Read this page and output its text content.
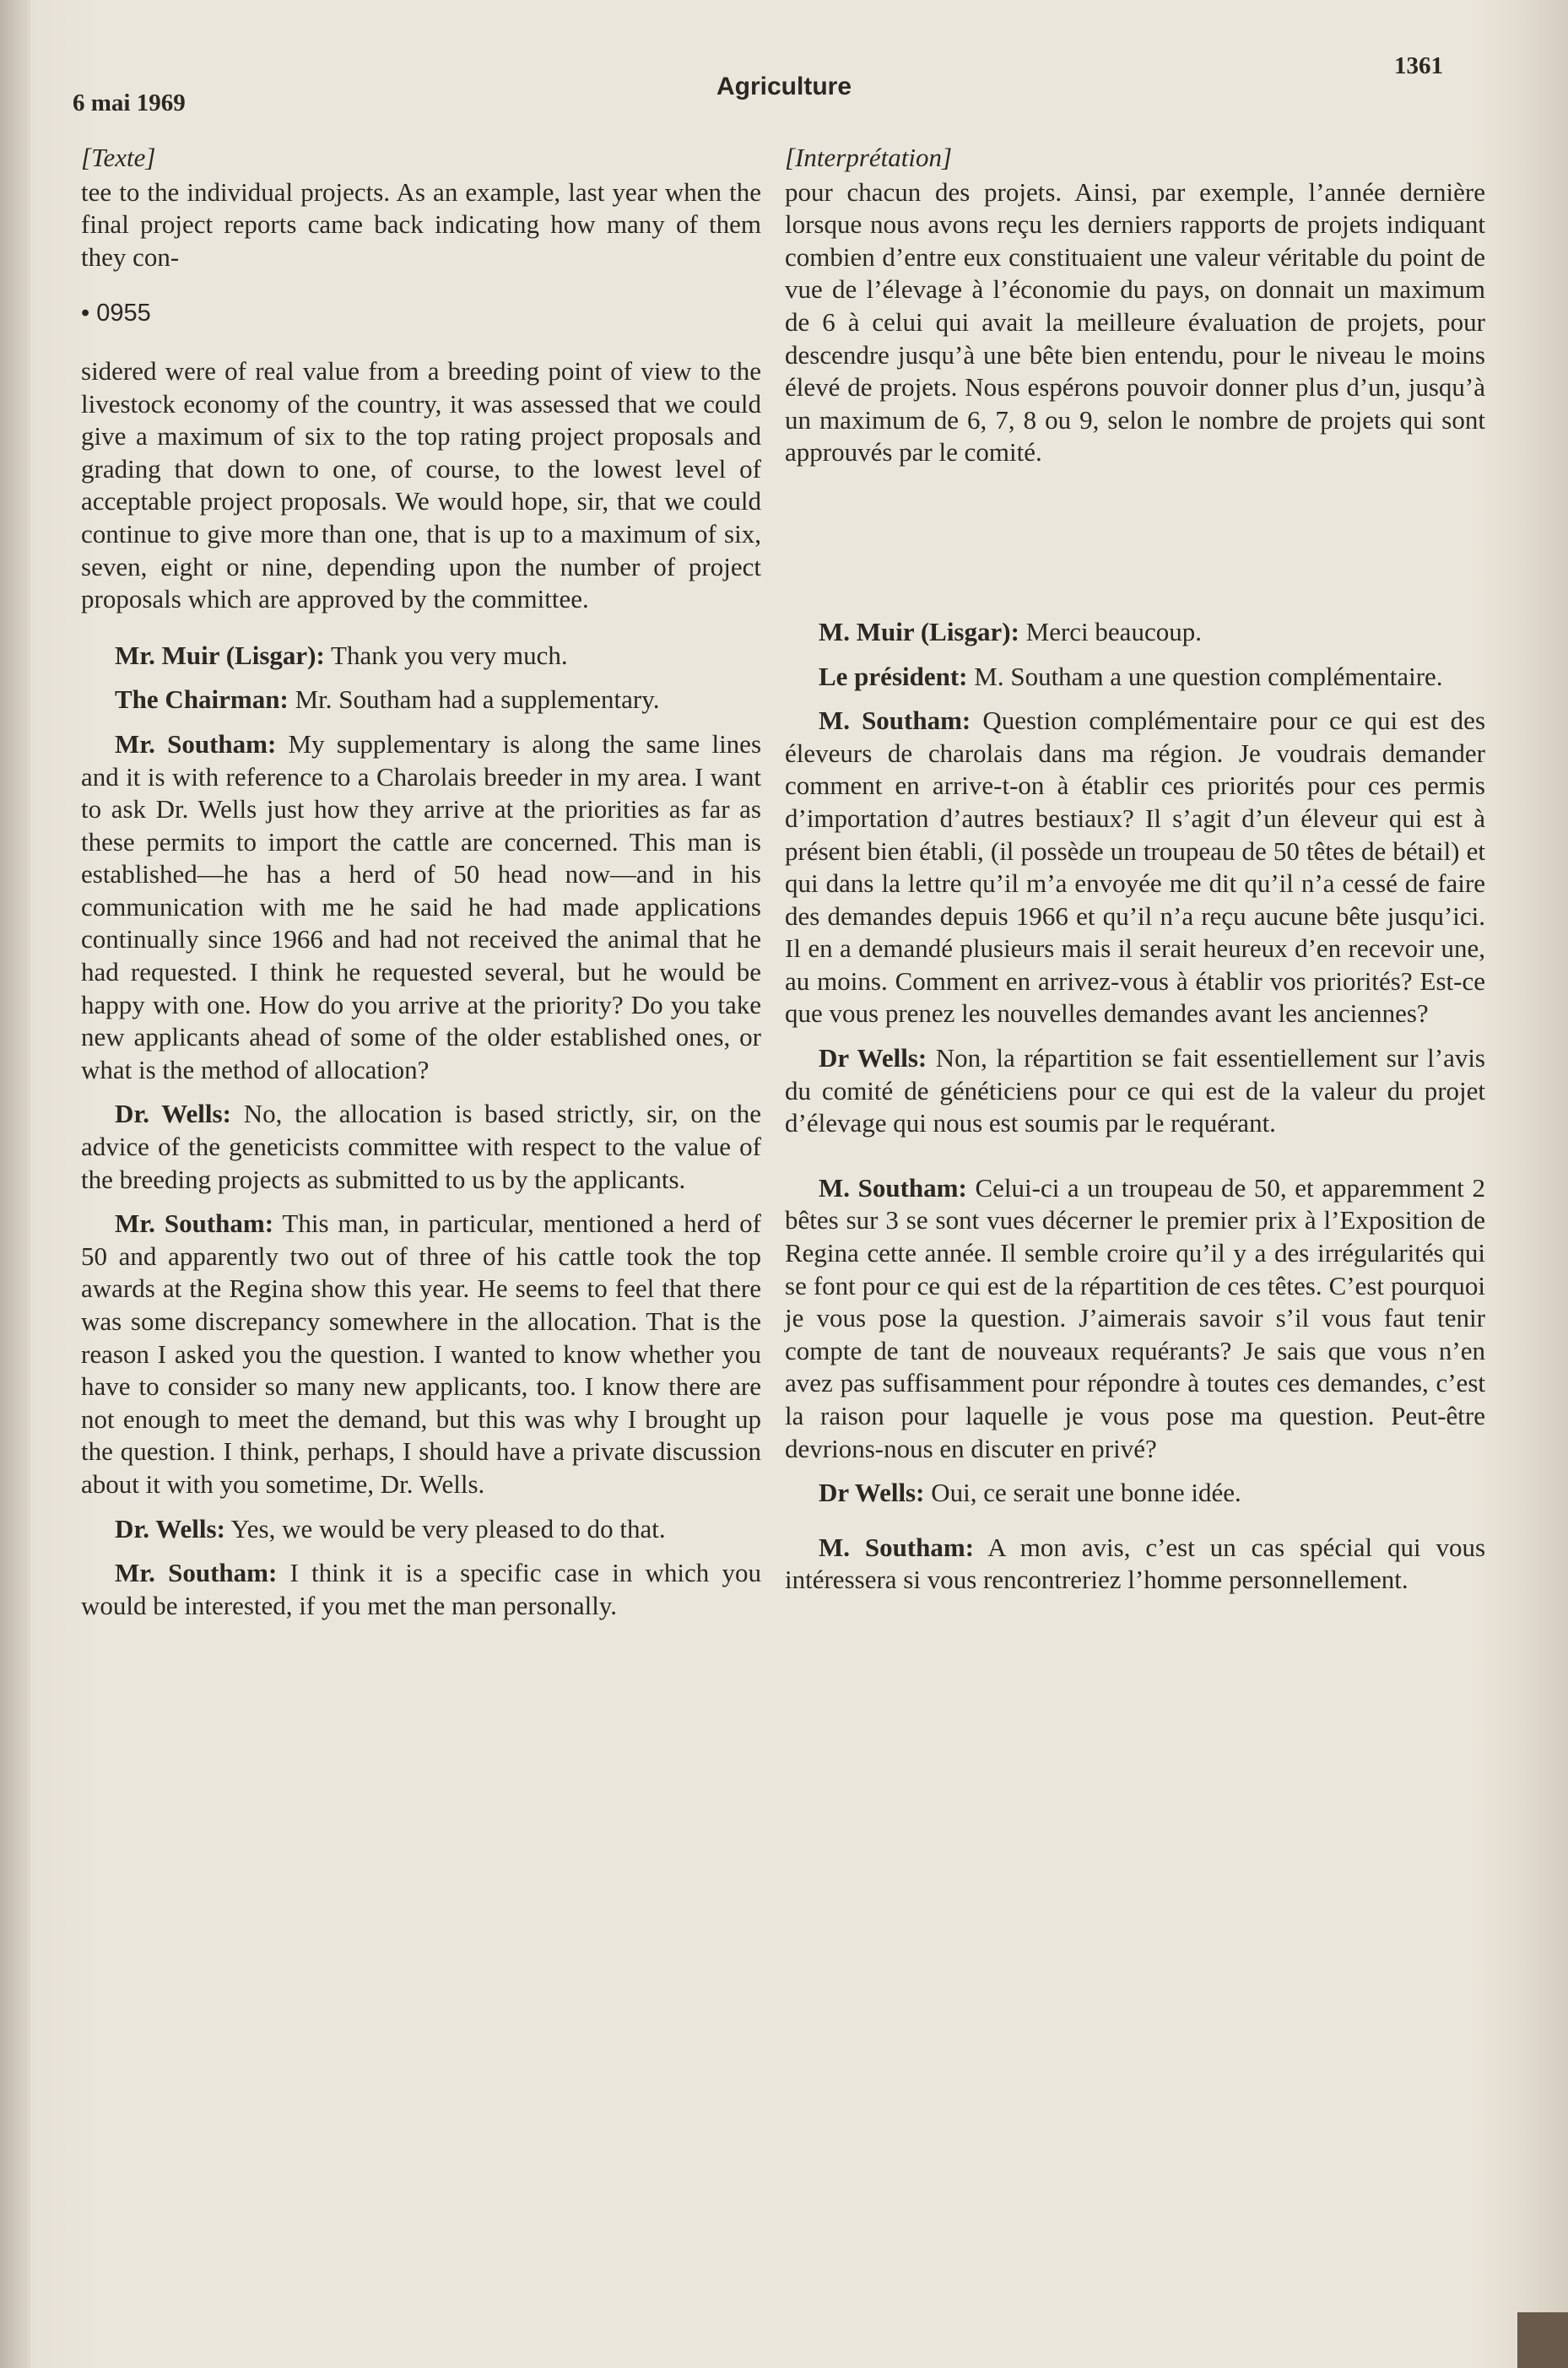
6 mai 1969
Agriculture
1361
[Texte]

tee to the individual projects. As an example, last year when the final project reports came back indicating how many of them they con-

• 0955

sidered were of real value from a breeding point of view to the livestock economy of the country, it was assessed that we could give a maximum of six to the top rating project proposals and grading that down to one, of course, to the lowest level of acceptable project proposals. We would hope, sir, that we could continue to give more than one, that is up to a maximum of six, seven, eight or nine, depending upon the number of project proposals which are approved by the committee.

Mr. Muir (Lisgar): Thank you very much.

The Chairman: Mr. Southam had a supplementary.

Mr. Southam: My supplementary is along the same lines and it is with reference to a Charolais breeder in my area. I want to ask Dr. Wells just how they arrive at the priorities as far as these permits to import the cattle are concerned. This man is established—he has a herd of 50 head now—and in his communication with me he said he had made applications continually since 1966 and had not received the animal that he had requested. I think he requested several, but he would be happy with one. How do you arrive at the priority? Do you take new applicants ahead of some of the older established ones, or what is the method of allocation?

Dr. Wells: No, the allocation is based strictly, sir, on the advice of the geneticists committee with respect to the value of the breeding projects as submitted to us by the applicants.

Mr. Southam: This man, in particular, mentioned a herd of 50 and apparently two out of three of his cattle took the top awards at the Regina show this year. He seems to feel that there was some discrepancy somewhere in the allocation. That is the reason I asked you the question. I wanted to know whether you have to consider so many new applicants, too. I know there are not enough to meet the demand, but this was why I brought up the question. I think, perhaps, I should have a private discussion about it with you sometime, Dr. Wells.

Dr. Wells: Yes, we would be very pleased to do that.

Mr. Southam: I think it is a specific case in which you would be interested, if you met the man personally.

[Interprétation]

pour chacun des projets. Ainsi, par exemple, l’année dernière lorsque nous avons reçu les derniers rapports de projets indiquant combien d’entre eux constituaient une valeur véritable du point de vue de l’élevage à l’économie du pays, on donnait un maximum de 6 à celui qui avait la meilleure évaluation de projets, pour descendre jusqu’à une bête bien entendu, pour le niveau le moins élevé de projets. Nous espérons pouvoir donner plus d’un, jusqu’à un maximum de 6, 7, 8 ou 9, selon le nombre de projets qui sont approuvés par le comité.

M. Muir (Lisgar): Merci beaucoup.

Le président: M. Southam a une question complémentaire.

M. Southam: Question complémentaire pour ce qui est des éleveurs de charolais dans ma région. Je voudrais demander comment en arrive-t-on à établir ces priorités pour ces permis d’importation d’autres bestiaux? Il s’agit d’un éleveur qui est à présent bien établi, (il possède un troupeau de 50 têtes de bétail) et qui dans la lettre qu’il m’a envoyée me dit qu’il n’a cessé de faire des demandes depuis 1966 et qu’il n’a reçu aucune bête jusqu’ici. Il en a demandé plusieurs mais il serait heureux d’en recevoir une, au moins. Comment en arrivez-vous à établir vos priorités? Est-ce que vous prenez les nouvelles demandes avant les anciennes?

Dr Wells: Non, la répartition se fait essentiellement sur l’avis du comité de généticiens pour ce qui est de la valeur du projet d’élevage qui nous est soumis par le requérant.

M. Southam: Celui-ci a un troupeau de 50, et apparemment 2 bêtes sur 3 se sont vues décerner le premier prix à l’Exposition de Regina cette année. Il semble croire qu’il y a des irrégularités qui se font pour ce qui est de la répartition de ces têtes. C’est pourquoi je vous pose la question. J’aimerais savoir s’il vous faut tenir compte de tant de nouveaux requérants? Je sais que vous n’en avez pas suffisamment pour répondre à toutes ces demandes, c’est la raison pour laquelle je vous pose ma question. Peut-être devrions-nous en discuter en privé?

Dr Wells: Oui, ce serait une bonne idée.

M. Southam: A mon avis, c’est un cas spécial qui vous intéressera si vous rencontreriez l’homme personnellement.
